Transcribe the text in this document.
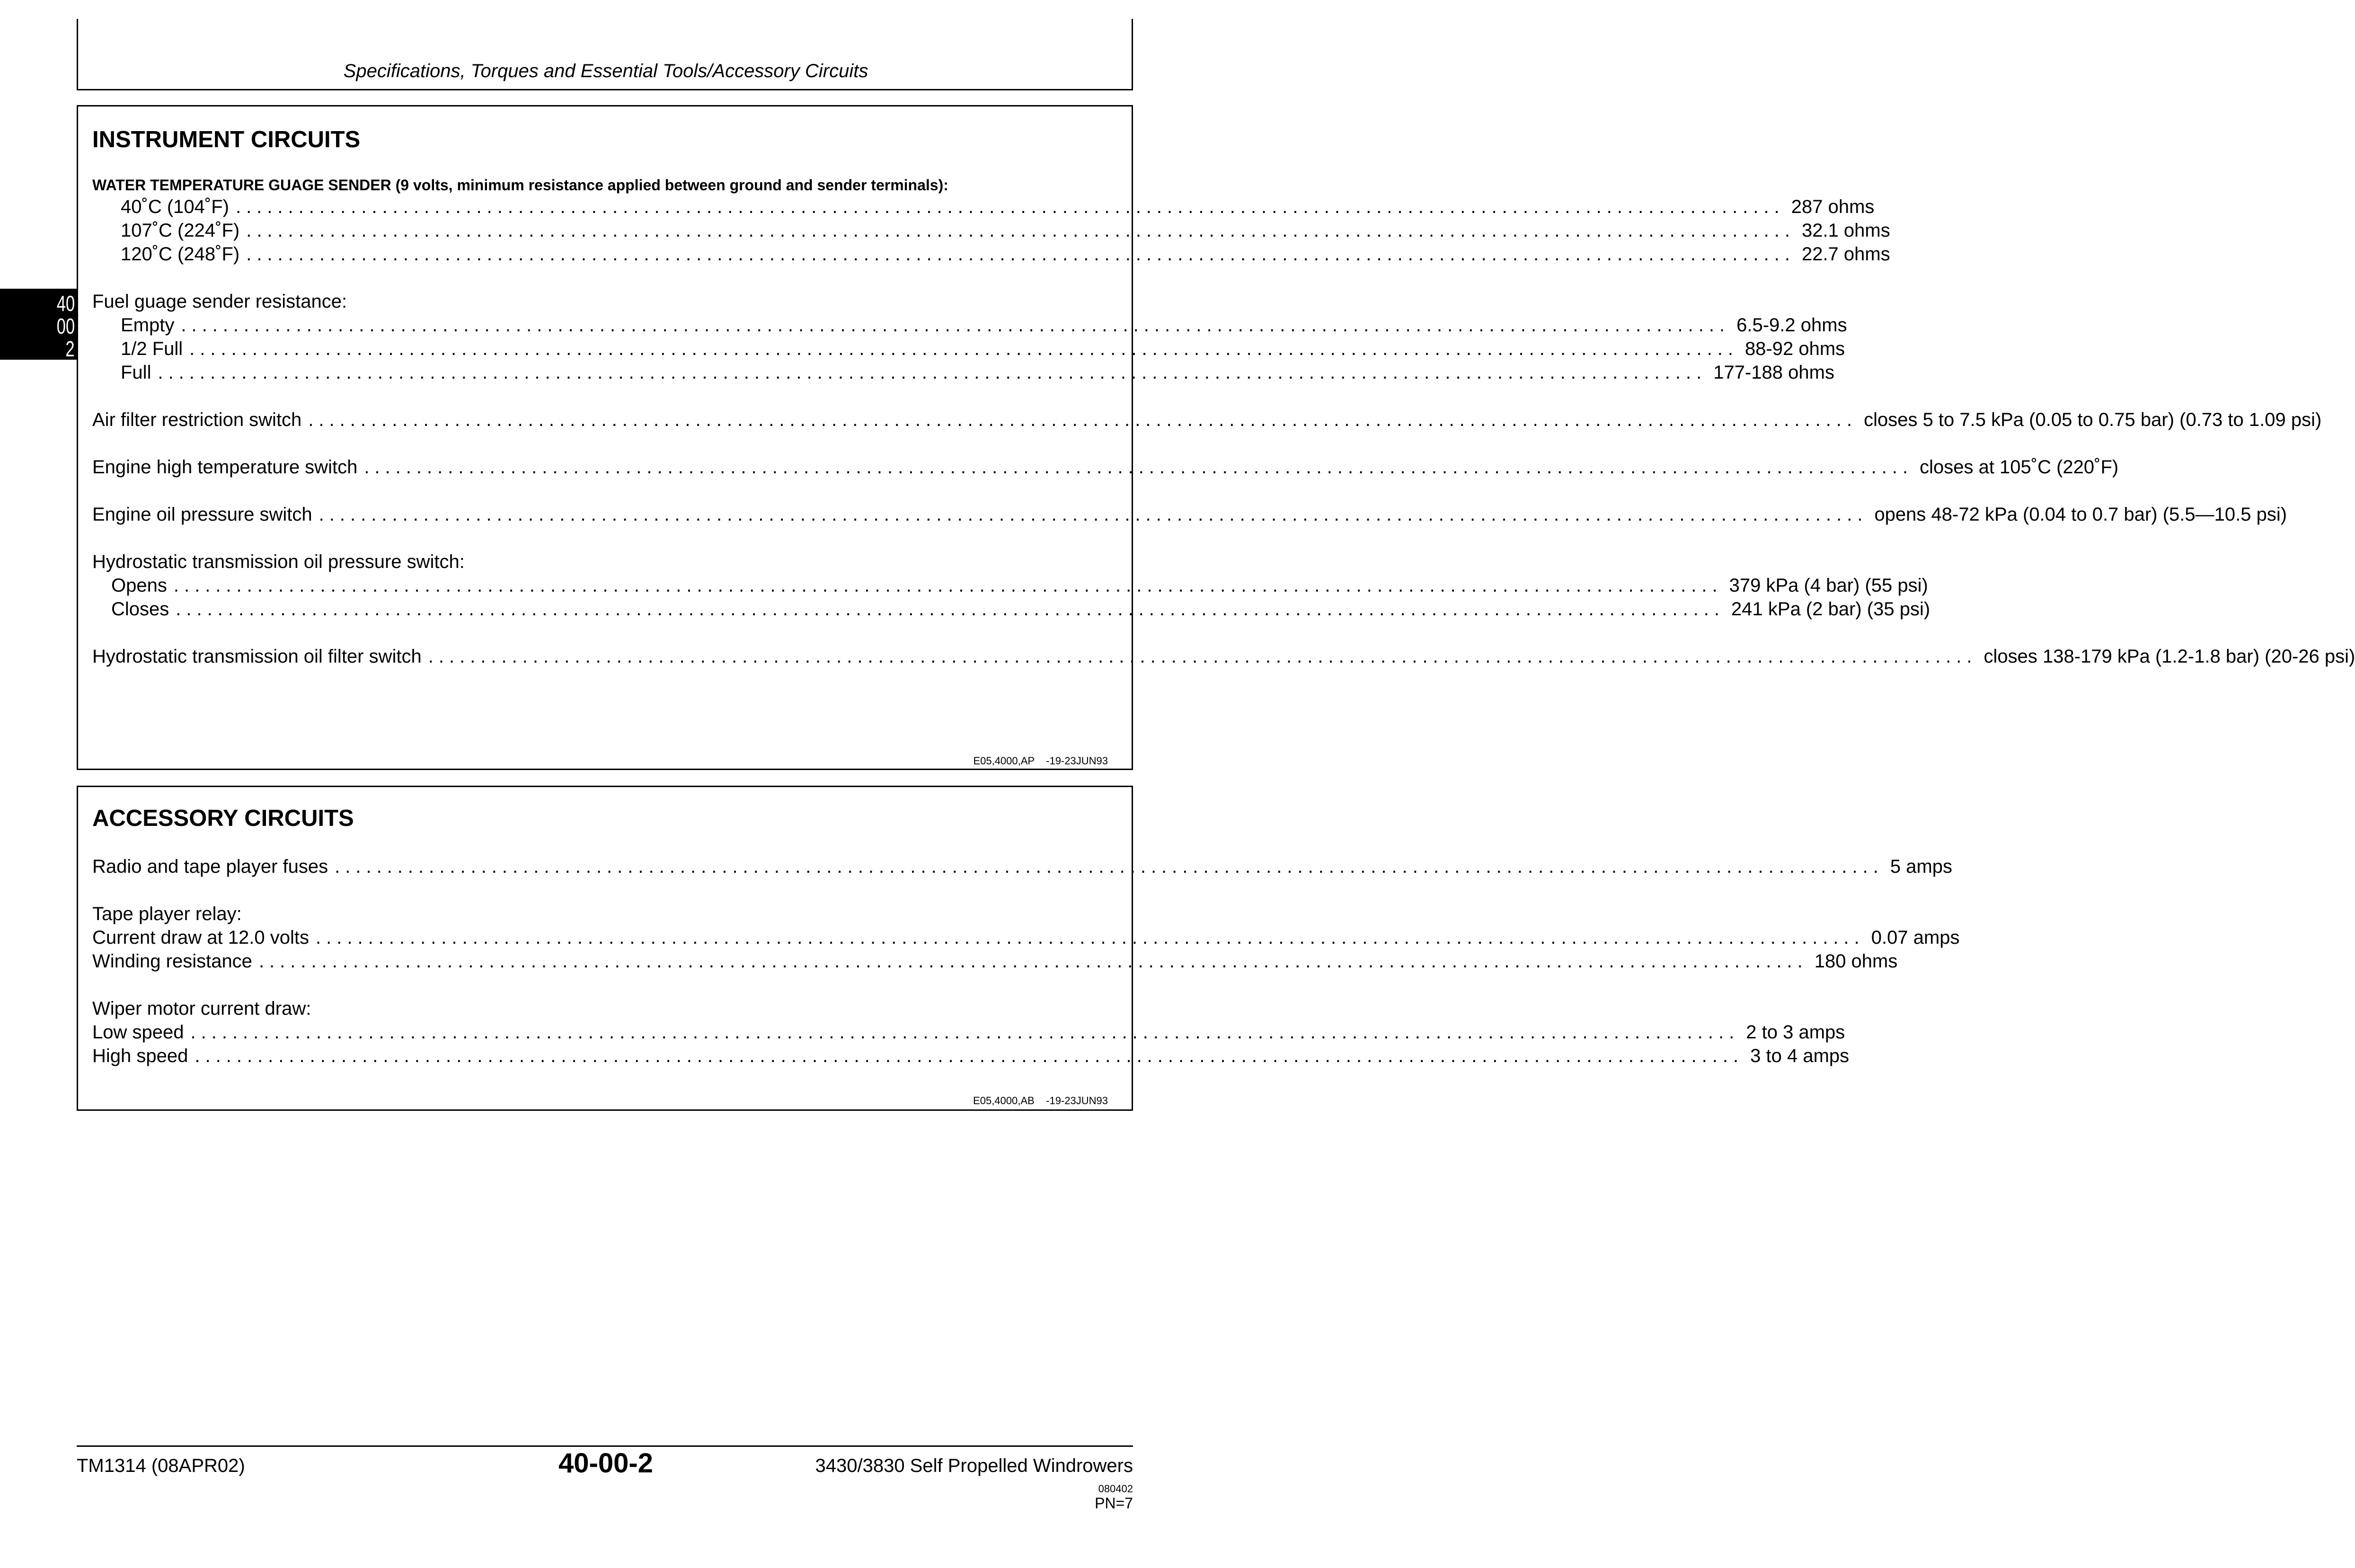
Specifications, Torques and Essential Tools/Accessory Circuits
40
00
2
INSTRUMENT CIRCUITS
WATER TEMPERATURE GUAGE SENDER (9 volts, minimum resistance applied between ground and sender terminals):
40˚C (104˚F) .................................................................................................................................................... 287 ohms
107˚C (224˚F) .................................................................................................................................................... 32.1 ohms
120˚C (248˚F) .................................................................................................................................................... 22.7 ohms
Fuel guage sender resistance:
Empty .................................................................................................................................................... 6.5-9.2 ohms
1/2 Full .................................................................................................................................................... 88-92 ohms
Full .................................................................................................................................................... 177-188 ohms
Air filter restriction switch .................................................................................................................................................... closes 5 to 7.5 kPa (0.05 to 0.75 bar) (0.73 to 1.09 psi)
Engine high temperature switch .................................................................................................................................................... closes at 105˚C (220˚F)
Engine oil pressure switch .................................................................................................................................................... opens 48-72 kPa (0.04 to 0.7 bar) (5.5—10.5 psi)
Hydrostatic transmission oil pressure switch:
Opens .................................................................................................................................................... 379 kPa (4 bar) (55 psi)
Closes .................................................................................................................................................... 241 kPa (2 bar) (35 psi)
Hydrostatic transmission oil filter switch .................................................................................................................................................... closes 138-179 kPa (1.2-1.8 bar) (20-26 psi)
E05,4000,AP    -19-23JUN93
ACCESSORY CIRCUITS
Radio and tape player fuses .................................................................................................................................................... 5 amps
Tape player relay:
Current draw at 12.0 volts .................................................................................................................................................... 0.07 amps
Winding resistance .................................................................................................................................................... 180 ohms
Wiper motor current draw:
Low speed .................................................................................................................................................... 2 to 3 amps
High speed .................................................................................................................................................... 3 to 4 amps
E05,4000,AB    -19-23JUN93
TM1314 (08APR02)	40-00-2	3430/3830 Self Propelled Windrowers
080402
PN=7
